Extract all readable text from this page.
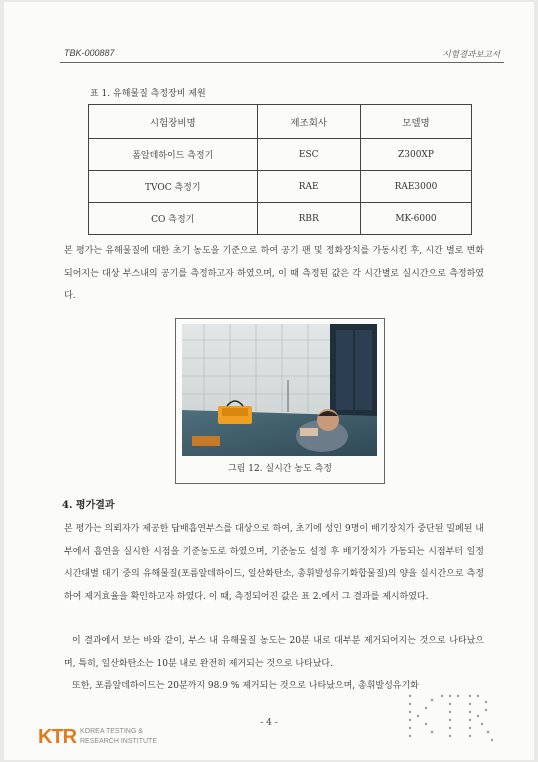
TBK-000887	시험결과보고서
표 1. 유해물질 측정장비 제원
시험장비명	제조회사	모델명
폼알데하이드 측정기	ESC	Z300XP
TVOC 측정기	RAE	RAE3000
CO 측정기	RBR	MK-6000

본 평가는 유해물질에 대한 초기 농도을 기준으로 하여 공기 팬 및 정화장치를 가동시킨 후, 시간 별로 변화되어지는 대상 부스내의 공기를 측정하고자 하였으며, 이 때 측정된 값은 각 시간별로 실시간으로 측정하였다.

그림 12. 실시간 농도 측정
4. 평가결과

본 평가는 의뢰자가 제공한 답배흡연부스를 대상으로 하여, 초기에 성인 9명이 배기장치가 중단된 밀폐된 내부에서 흡연을 실시한 시점을 기준농도로 하였으며, 기준농도 설정 후 배기장치가 가동되는 시점부터 일정 시간대별 대기 중의 유해물질(포름알데하이드, 일산화탄소, 총휘발성유기화합물질)의 양을 실시간으로 측정하여 제거효율을 확인하고자 하였다. 이 때, 측정되어진 값은 표 2.에서 그 결과를 제시하였다.

이 결과에서 보는 바와 같이, 부스 내 유해물질 농도는 20분 내로 대부분 제거되어지는 것으로 나타났으며, 특히, 일산화탄소는 10분 내로 완전히 제거되는 것으로 나타났다.

또한, 포름알데하이드는 20분까지 98.9 % 제거되는 것으로 나타났으며, 총휘발성유기화

- 4 -
KTR KOREA TESTING &
RESEARCH INSTITUTE
